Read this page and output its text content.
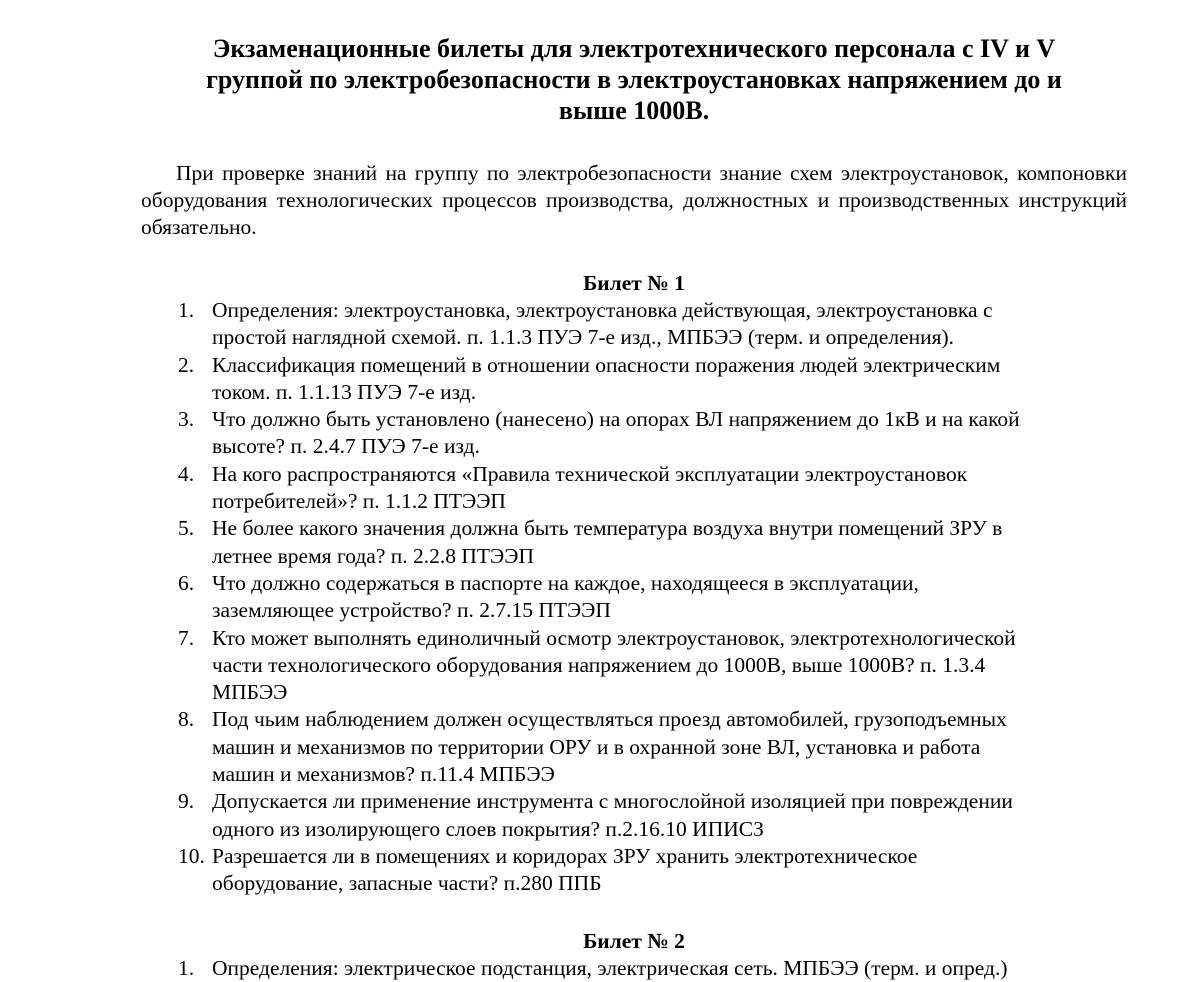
Экзаменационные билеты для электротехнического персонала с IV и V
группой по электробезопасности в электроустановках напряжением до и
выше 1000В.

При проверке знаний на группу по электробезопасности знание схем электроустановок, компоновки оборудования технологических процессов производства, должностных и производственных инструкций обязательно.

Билет № 1
1. Определения: электроустановка, электроустановка действующая, электроустановка с
простой наглядной схемой. п. 1.1.3 ПУЭ 7-е изд., МПБЭЭ (терм. и определения).
2. Классификация помещений в отношении опасности поражения людей электрическим
током. п. 1.1.13 ПУЭ 7-е изд.
3. Что должно быть установлено (нанесено) на опорах ВЛ напряжением до 1кВ и на какой
высоте? п. 2.4.7 ПУЭ 7-е изд.
4. На кого распространяются «Правила технической эксплуатации электроустановок
потребителей»? п. 1.1.2 ПТЭЭП
5. Не более какого значения должна быть температура воздуха внутри помещений ЗРУ в
летнее время года? п. 2.2.8 ПТЭЭП
6. Что должно содержаться в паспорте на каждое, находящееся в эксплуатации,
заземляющее устройство? п. 2.7.15 ПТЭЭП
7. Кто может выполнять единоличный осмотр электроустановок, электротехнологической
части технологического оборудования напряжением до 1000В, выше 1000В? п. 1.3.4
МПБЭЭ
8. Под чьим наблюдением должен осуществляться проезд автомобилей, грузоподъемных
машин и механизмов по территории ОРУ и в охранной зоне ВЛ, установка и работа
машин и механизмов? п.11.4 МПБЭЭ
9. Допускается ли применение инструмента с многослойной изоляцией при повреждении
одного из изолирующего слоев покрытия? п.2.16.10 ИПИСЗ
10. Разрешается ли в помещениях и коридорах ЗРУ хранить электротехническое
оборудование, запасные части? п.280 ППБ
Билет № 2
1. Определения: электрическое подстанция, электрическая сеть. МПБЭЭ (терм. и опред.)
